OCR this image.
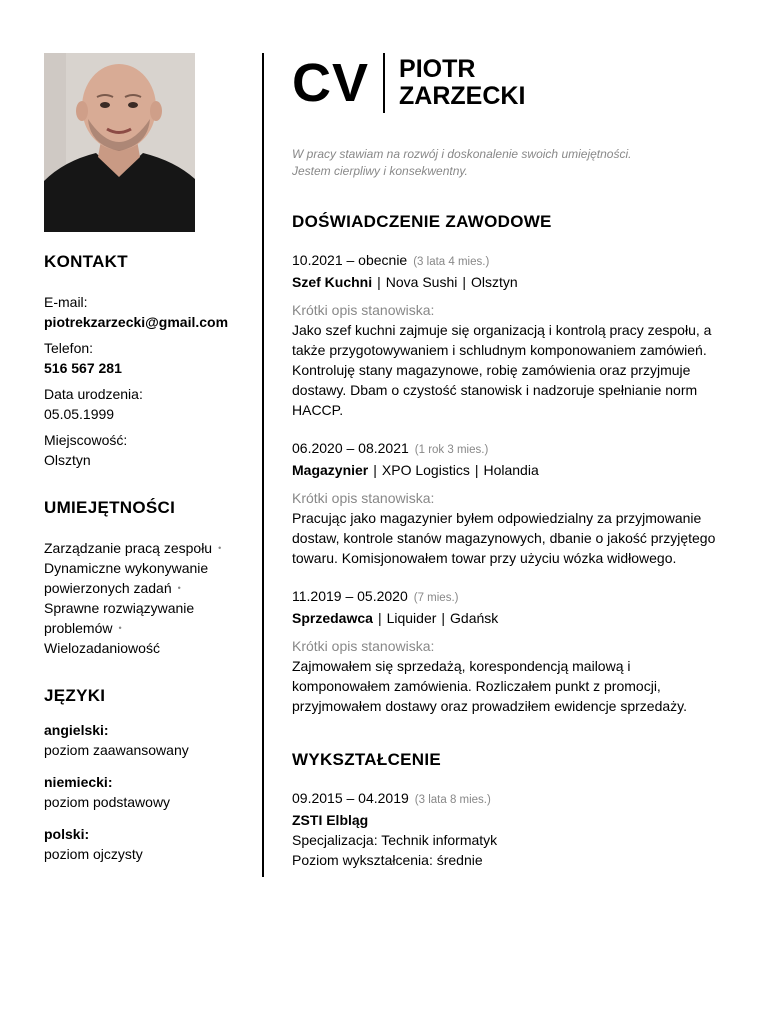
KONTAKT
E-mail:
piotrekzarzecki@gmail.com
Telefon:
516 567 281
Data urodzenia:
05.05.1999
Miejscowość:
Olsztyn
UMIEJĘTNOŚCI
Zarządzanie pracą zespołu •
Dynamiczne wykonywanie
powierzonych zadań •
Sprawne rozwiązywanie
problemów •
Wielozadaniowość
JĘZYKI
angielski:
poziom zaawansowany
niemiecki:
poziom podstawowy
polski:
poziom ojczysty
CV PIOTR
ZARZECKI
W pracy stawiam na rozwój i doskonalenie swoich umiejętności.
Jestem cierpliwy i konsekwentny.
DOŚWIADCZENIE ZAWODOWE
10.2021 – obecnie (3 lata 4 mies.)
Szef Kuchni | Nova Sushi | Olsztyn
Krótki opis stanowiska:
Jako szef kuchni zajmuje się organizacją i kontrolą pracy zespołu, a także przygotowywaniem i schludnym komponowaniem zamówień. Kontroluję stany magazynowe, robię zamówienia oraz przyjmuje dostawy. Dbam o czystość stanowisk i nadzoruje spełnianie norm HACCP.
06.2020 – 08.2021 (1 rok 3 mies.)
Magazynier | XPO Logistics | Holandia
Krótki opis stanowiska:
Pracując jako magazynier byłem odpowiedzialny za przyjmowanie dostaw, kontrole stanów magazynowych, dbanie o jakość przyjętego towaru. Komisjonowałem towar przy użyciu wózka widłowego.
11.2019 – 05.2020 (7 mies.)
Sprzedawca | Liquider | Gdańsk
Krótki opis stanowiska:
Zajmowałem się sprzedażą, korespondencją mailową i komponowałem zamówienia. Rozliczałem punkt z promocji, przyjmowałem dostawy oraz prowadziłem ewidencje sprzedaży.
WYKSZTAŁCENIE
09.2015 – 04.2019 (3 lata 8 mies.)
ZSTI Elbląg
Specjalizacja: Technik informatyk
Poziom wykształcenia: średnie
